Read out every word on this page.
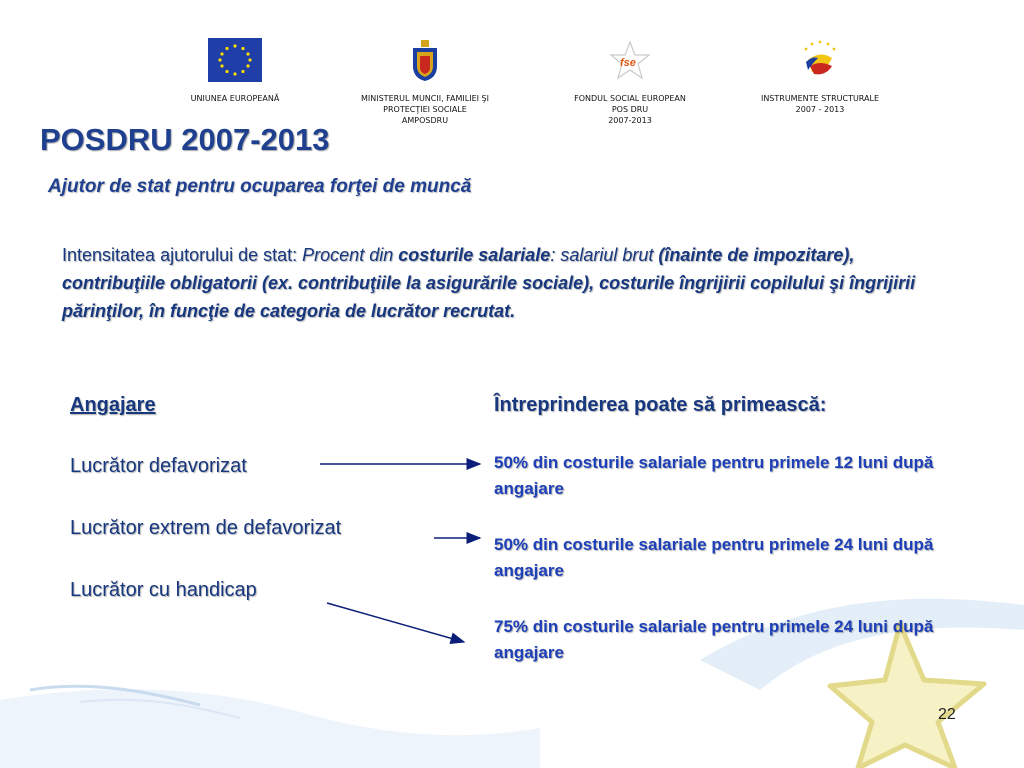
UNIUNEA EUROPEANĂ	MINISTERUL MUNCII, FAMILIEI ŞI
PROTECŢIEI SOCIALE
AMPOSDRU
fse
FONDUL SOCIAL EUROPEAN
POS DRU
2007-2013
INSTRUMENTE STRUCTURALE
2007 - 2013
POSDRU 2007-2013
Ajutor de stat pentru ocuparea forţei de muncă
Intensitatea ajutorului de stat: Procent din costurile salariale: salariul brut (înainte de impozitare), contribuţiile obligatorii (ex. contribuţiile la asigurările sociale), costurile îngrijirii copilului şi îngrijirii părinţilor, în funcţie de categoria de lucrător recrutat.
Angajare
Lucrător defavorizat
Lucrător extrem de defavorizat
Lucrător cu handicap
Întreprinderea poate să primească:
50% din costurile salariale pentru primele 12 luni după angajare
50% din costurile salariale pentru primele 24 luni după angajare
75% din costurile salariale pentru primele 24 luni după angajare
22
